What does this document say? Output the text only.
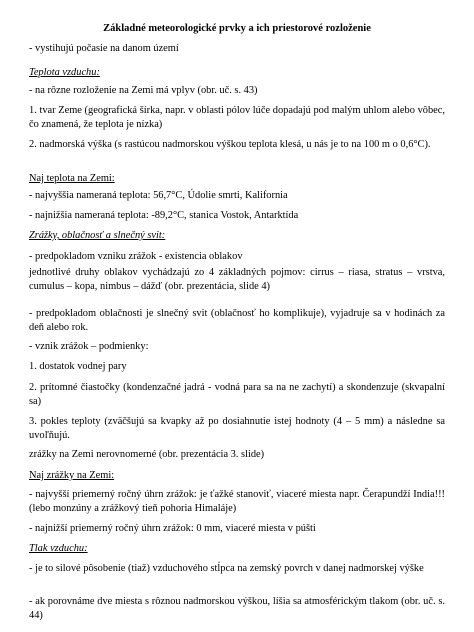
Základné meteorologické prvky a ich priestorové rozloženie
- vystihujú počasie na danom území
Teplota vzduchu:
- na rôzne rozloženie na Zemi má vplyv (obr. uč. s. 43)
1. tvar Zeme (geografická šírka, napr. v oblasti pólov lúče dopadajú pod malým uhlom alebo vôbec, čo znamená, že teplota je nízka)
2. nadmorská výška (s rastúcou nadmorskou výškou teplota klesá, u nás je to na 100 m o 0,6°C).
Naj teplota na Zemi:
- najvyššia nameraná teplota: 56,7°C, Údolie smrti, Kalifornia
- najnižšia nameraná teplota: -89,2°C, stanica Vostok, Antarktída
Zrážky, oblačnosť a slnečný svit:
- predpokladom vzniku zrážok - existencia oblakov
jednotlivé druhy oblakov vychádzajú zo 4 základných pojmov: cirrus – riasa, stratus – vrstva, cumulus – kopa, nimbus – dážď (obr. prezentácia, slide 4)
- predpokladom oblačnosti je slnečný svit (oblačnosť ho komplikuje), vyjadruje sa v hodinách za deň alebo rok.
- vznik zrážok – podmienky:
1. dostatok vodnej pary
2. prítomné čiastočky (kondenzačné jadrá - vodná para sa na ne zachytí) a skondenzuje (skvapalní sa)
3. pokles teploty (zväčšujú sa kvapky až po dosiahnutie istej hodnoty (4 – 5 mm) a následne sa uvoľňujú.
zrážky na Zemi nerovnomerné (obr. prezentácia 3. slide)
Naj zrážky na Zemi:
- najvyšší priemerný ročný úhrn zrážok: je ťažké stanoviť, viaceré miesta napr. Čerapundží India!!! (lebo monzúny a zrážkový tieň pohoria Himaláje)
- najnižší priemerný ročný úhrn zrážok: 0 mm, viaceré miesta v púšti
Tlak vzduchu:
- je to silové pôsobenie (tiaž) vzduchového stĺpca na zemský povrch v danej nadmorskej výške
- ak porovnáme dve miesta s rôznou nadmorskou výškou, líšia sa atmosférickým tlakom (obr. uč. s. 44)
